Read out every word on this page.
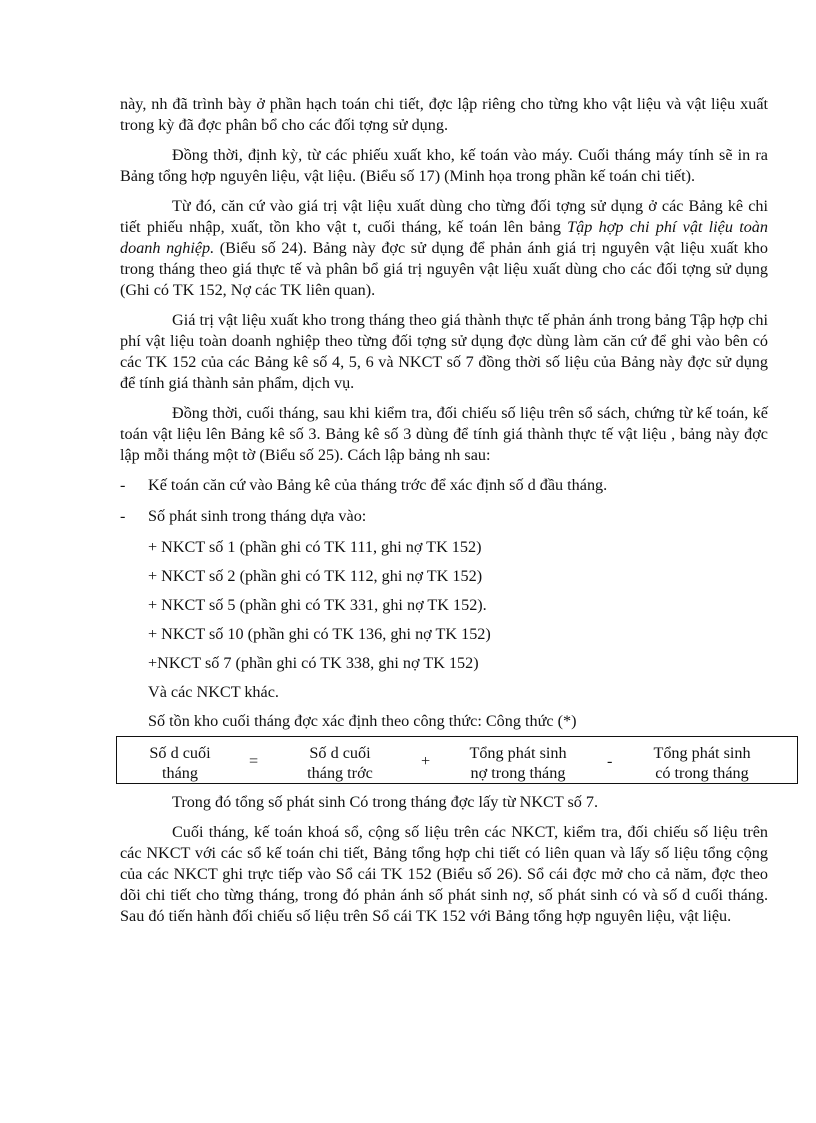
này, nh đã trình bày ở phần hạch toán chi tiết, đợc lập riêng cho từng kho vật liệu và vật liệu xuất trong kỳ đã đợc phân bổ cho các đối tợng sử dụng.

Đồng thời, định kỳ, từ các phiếu xuất kho, kế toán vào máy. Cuối tháng máy tính sẽ in ra Bảng tổng hợp nguyên liệu, vật liệu. (Biểu số 17) (Minh họa trong phần kế toán chi tiết).

Từ đó, căn cứ vào giá trị vật liệu xuất dùng cho từng đối tợng sử dụng ở các Bảng kê chi tiết phiếu nhập, xuất, tồn kho vật t, cuối tháng, kế toán lên bảng Tập hợp chi phí vật liệu toàn doanh nghiệp. (Biểu số 24). Bảng này đợc sử dụng để phản ánh giá trị nguyên vật liệu xuất kho trong tháng theo giá thực tế và phân bổ giá trị nguyên vật liệu xuất dùng cho các đối tợng sử dụng (Ghi có TK 152, Nợ các TK liên quan).

Giá trị vật liệu xuất kho trong tháng theo giá thành thực tế phản ánh trong bảng Tập hợp chi phí vật liệu toàn doanh nghiệp theo từng đối tợng sử dụng đợc dùng làm căn cứ để ghi vào bên có các TK 152 của các Bảng kê số 4, 5, 6 và NKCT số 7 đồng thời số liệu của Bảng này đợc sử dụng để tính giá thành sản phẩm, dịch vụ.

Đồng thời, cuối tháng, sau khi kiểm tra, đối chiếu số liệu trên sổ sách, chứng từ kế toán, kế toán vật liệu lên Bảng kê số 3. Bảng kê số 3 dùng để tính giá thành thực tế vật liệu , bảng này đợc lập mỗi tháng một tờ (Biểu số 25). Cách lập bảng nh sau:

-	Kế toán căn cứ vào Bảng kê của tháng trớc để xác định số d đầu tháng.
-	Số phát sinh trong tháng dựa vào:
+ NKCT số 1 (phần ghi có TK 111, ghi nợ TK 152)
+ NKCT số 2 (phần ghi có TK 112, ghi nợ TK 152)
+ NKCT số 5 (phần ghi có TK 331, ghi nợ TK 152).
+ NKCT số 10 (phần ghi có TK 136, ghi nợ TK 152)
+NKCT số 7 (phần ghi có TK 338, ghi nợ TK 152)
Và các NKCT khác.
Số tồn kho cuối tháng đợc xác định theo công thức: Công thức (*)
Số d cuối
tháng
=	Số d cuối
tháng trớc
+	Tổng phát sinh
nợ trong tháng
-	Tổng phát sinh
có trong tháng

Trong đó tổng số phát sinh Có trong tháng đợc lấy từ NKCT số 7.

Cuối tháng, kế toán khoá sổ, cộng số liệu trên các NKCT, kiểm tra, đối chiếu số liệu trên các NKCT với các sổ kế toán chi tiết, Bảng tổng hợp chi tiết có liên quan và lấy số liệu tổng cộng của các NKCT ghi trực tiếp vào Sổ cái TK 152 (Biểu số 26). Sổ cái đợc mở cho cả năm, đợc theo dõi chi tiết cho từng tháng, trong đó phản ánh số phát sinh nợ, số phát sinh có và số d cuối tháng. Sau đó tiến hành đối chiếu số liệu trên Sổ cái TK 152 với Bảng tổng hợp nguyên liệu, vật liệu.
